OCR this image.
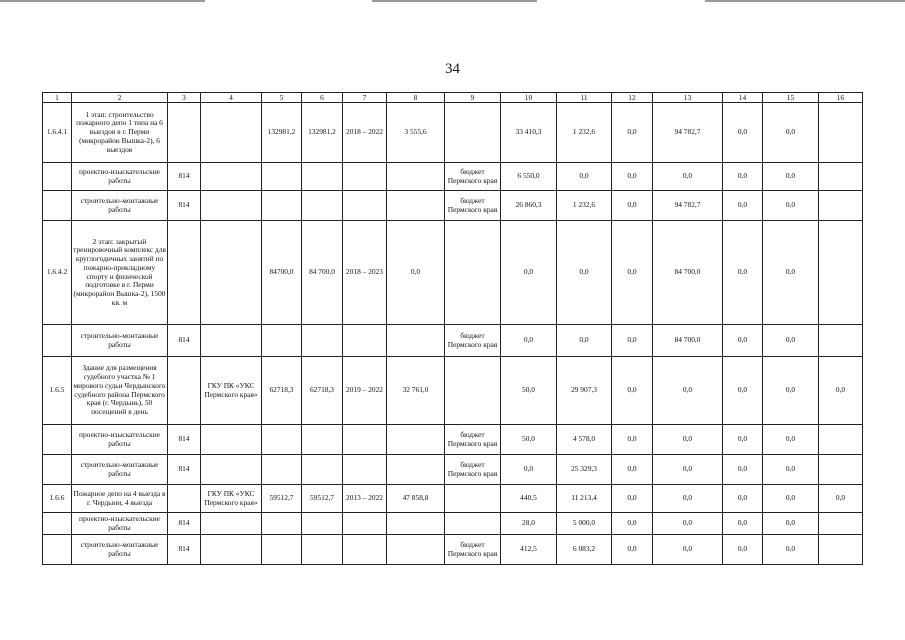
34
1	2	3	4	5	6	7	8	9	10	11	12	13	14	15	16
1.6.4.1	1 этап: строительство пожарного депо 1 типа на 6 выездов в г. Перми (микрорайон Вышка-2), 6 выездов			132981,2	132981,2	2018 – 2022	3 555,6		33 410,3	1 232,6	0,0	94 782,7	0,0	0,0	
	проектно-изыскательские работы	814						бюджет Пермского края	6 550,0	0,0	0,0	0,0	0,0	0,0	
	строительно-монтажные работы	814						бюджет Пермского края	26 860,3	1 232,6	0,0	94 782,7	0,0	0,0	
1.6.4.2	2 этап: закрытый тренировочный комплекс для круглогодичных занятий по пожарно-прикладному спорту и физической подготовке в г. Перми (микрорайон Вышка-2), 1500 кв. м			84700,0	84 700,0	2018 – 2023	0,0		0,0	0,0	0,0	84 700,0	0,0	0,0	
	строительно-монтажные работы	814						бюджет Пермского края	0,0	0,0	0,0	84 700,0	0,0	0,0	
1.6.5	Здание для размещения судебного участка № 1 мирового судьи Чердынского судебного района Пермского края (г. Чердынь), 50 посещений в день		ГКУ ПК «УКС Пермского края»	62718,3	62718,3	2019 – 2022	32 761,0		50,0	29 907,3	0,0	0,0	0,0	0,0	0,0
	проектно-изыскательские работы	814						бюджет Пермского края	50,0	4 578,0	0,0	0,0	0,0	0,0	
	строительно-монтажные работы	814						бюджет Пермского края	0,0	25 329,3	0,0	0,0	0,0	0,0	
1.6.6	Пожарное депо на 4 выезда в г. Чердыни, 4 выезда		ГКУ ПК «УКС Пермского края»	59512,7	59512,7	2013 – 2022	47 858,8		440,5	11 213,4	0,0	0,0	0,0	0,0	0,0
	проектно-изыскательские работы	814							28,0	5 000,0	0,0	0,0	0,0	0,0	
	строительно-монтажные работы	814						бюджет Пермского края	412,5	6 083,2	0,0	0,0	0,0	0,0	
